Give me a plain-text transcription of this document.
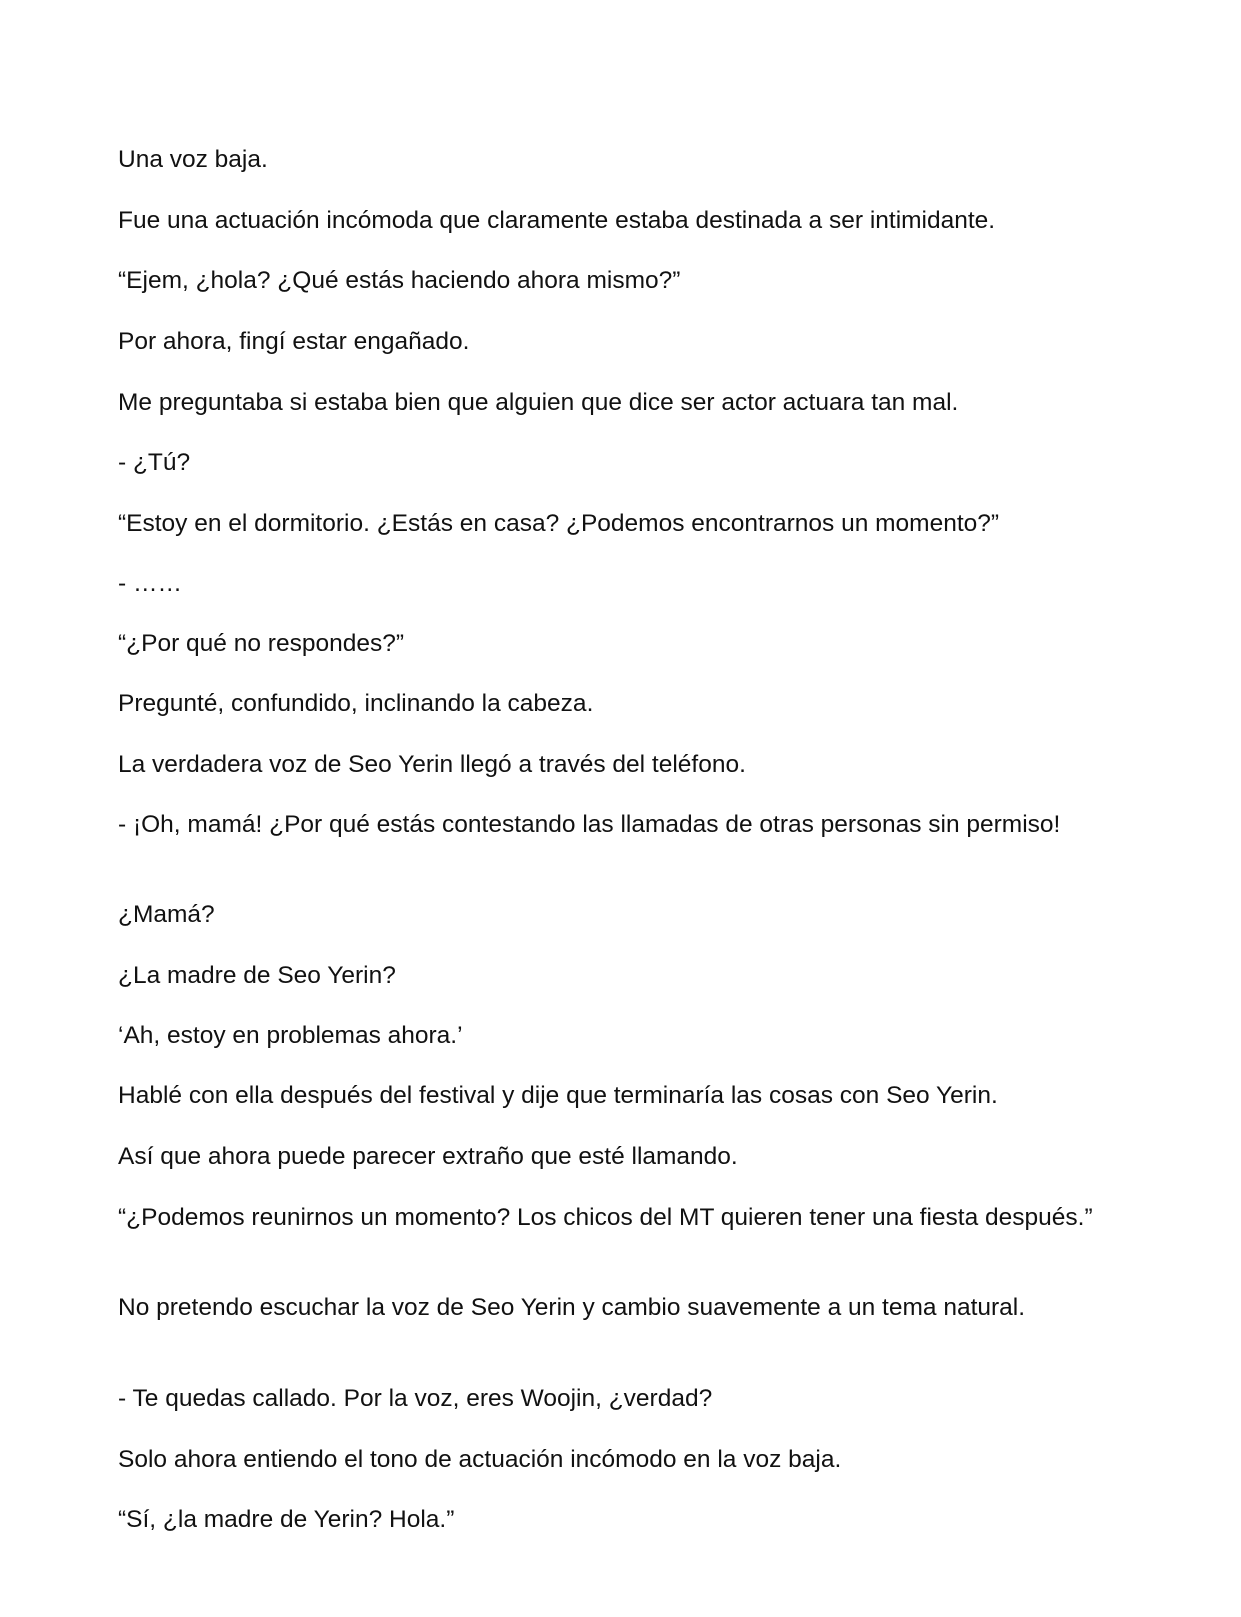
Una voz baja.

Fue una actuación incómoda que claramente estaba destinada a ser intimidante.

“Ejem, ¿hola? ¿Qué estás haciendo ahora mismo?”

Por ahora, fingí estar engañado.

Me preguntaba si estaba bien que alguien que dice ser actor actuara tan mal.

- ¿Tú?

“Estoy en el dormitorio. ¿Estás en casa? ¿Podemos encontrarnos un momento?”

- ……

“¿Por qué no respondes?”

Pregunté, confundido, inclinando la cabeza.

La verdadera voz de Seo Yerin llegó a través del teléfono.

- ¡Oh, mamá! ¿Por qué estás contestando las llamadas de otras personas sin permiso!

¿Mamá?

¿La madre de Seo Yerin?

‘Ah, estoy en problemas ahora.’

Hablé con ella después del festival y dije que terminaría las cosas con Seo Yerin.

Así que ahora puede parecer extraño que esté llamando.

“¿Podemos reunirnos un momento? Los chicos del MT quieren tener una fiesta después.”

No pretendo escuchar la voz de Seo Yerin y cambio suavemente a un tema natural.

- Te quedas callado. Por la voz, eres Woojin, ¿verdad?

Solo ahora entiendo el tono de actuación incómodo en la voz baja.

“Sí, ¿la madre de Yerin? Hola.”
